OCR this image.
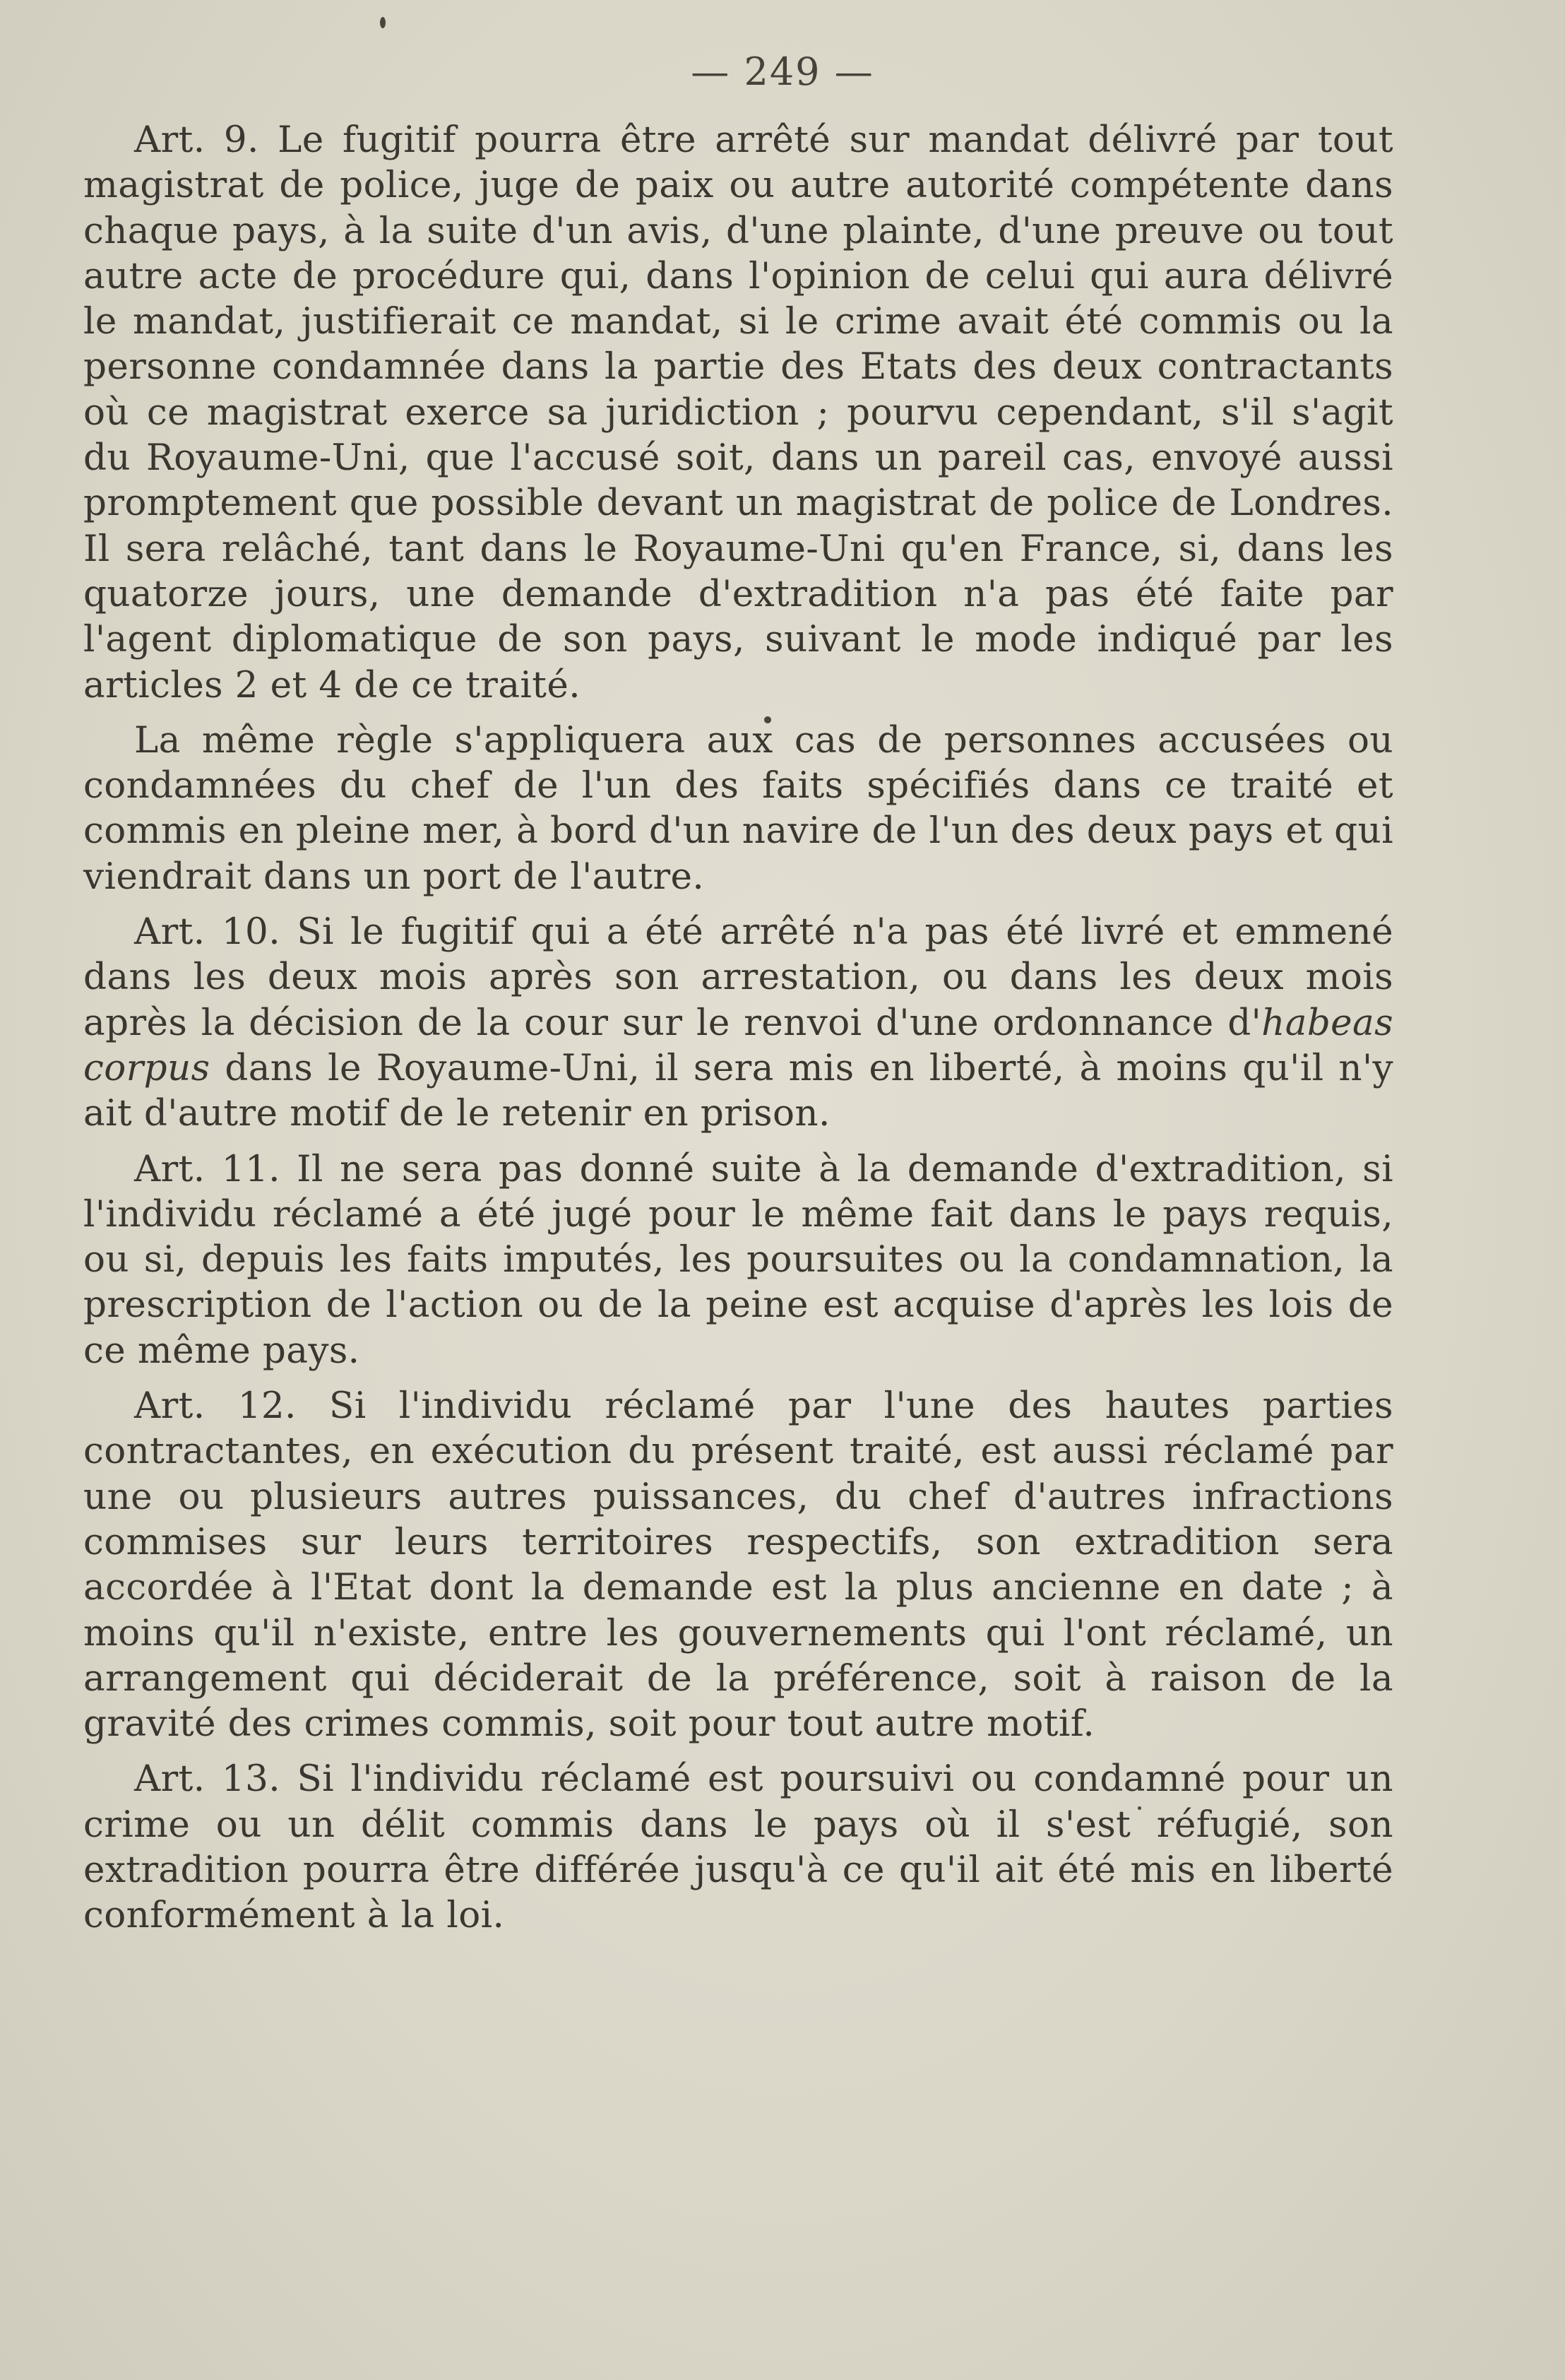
— 249 —

Art. 9. Le fugitif pourra être arrêté sur mandat délivré par tout magistrat de police, juge de paix ou autre autorité compétente dans chaque pays, à la suite d'un avis, d'une plainte, d'une preuve ou tout autre acte de procédure qui, dans l'opinion de celui qui aura délivré le mandat, justifierait ce mandat, si le crime avait été commis ou la personne condamnée dans la partie des Etats des deux contractants où ce magistrat exerce sa juridiction ; pourvu cependant, s'il s'agit du Royaume-Uni, que l'accusé soit, dans un pareil cas, envoyé aussi promptement que possible devant un magistrat de police de Londres. Il sera relâché, tant dans le Royaume-Uni qu'en France, si, dans les quatorze jours, une demande d'extradition n'a pas été faite par l'agent diplomatique de son pays, suivant le mode indiqué par les articles 2 et 4 de ce traité.

La même règle s'appliquera aux cas de personnes accusées ou condamnées du chef de l'un des faits spécifiés dans ce traité et commis en pleine mer, à bord d'un navire de l'un des deux pays et qui viendrait dans un port de l'autre.

Art. 10. Si le fugitif qui a été arrêté n'a pas été livré et emmené dans les deux mois après son arrestation, ou dans les deux mois après la décision de la cour sur le renvoi d'une ordonnance d'habeas corpus dans le Royaume-Uni, il sera mis en liberté, à moins qu'il n'y ait d'autre motif de le retenir en prison.

Art. 11. Il ne sera pas donné suite à la demande d'extradition, si l'individu réclamé a été jugé pour le même fait dans le pays requis, ou si, depuis les faits imputés, les poursuites ou la condamnation, la prescription de l'action ou de la peine est acquise d'après les lois de ce même pays.

Art. 12. Si l'individu réclamé par l'une des hautes parties contractantes, en exécution du présent traité, est aussi réclamé par une ou plusieurs autres puissances, du chef d'autres infractions commises sur leurs territoires respectifs, son extradition sera accordée à l'Etat dont la demande est la plus ancienne en date ; à moins qu'il n'existe, entre les gouvernements qui l'ont réclamé, un arrangement qui déciderait de la préférence, soit à raison de la gravité des crimes commis, soit pour tout autre motif.

Art. 13. Si l'individu réclamé est poursuivi ou condamné pour un crime ou un délit commis dans le pays où il s'est réfugié, son extradition pourra être différée jusqu'à ce qu'il ait été mis en liberté conformément à la loi.
